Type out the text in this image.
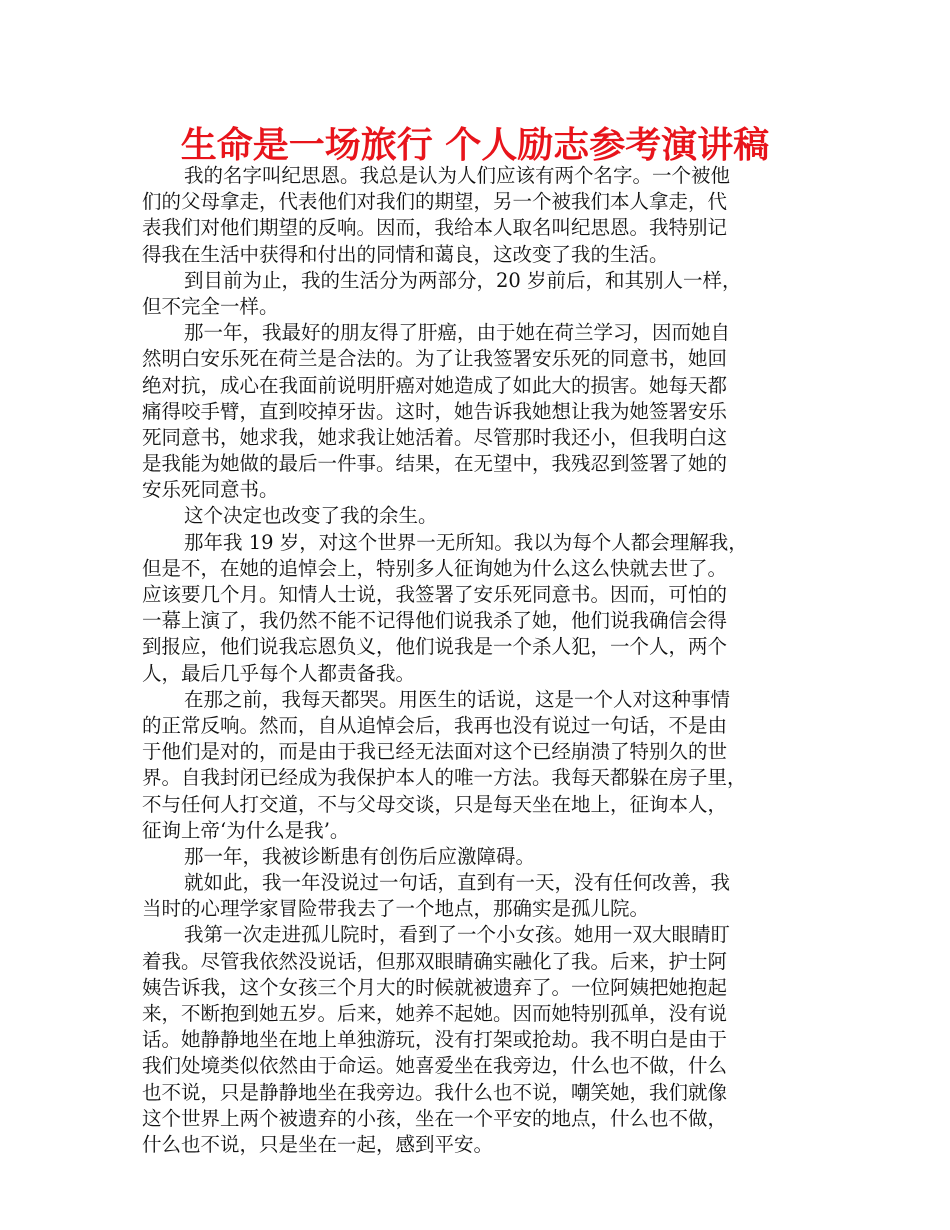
生命是一场旅行 个人励志参考演讲稿
我的名字叫纪思恩。我总是认为人们应该有两个名字。一个被他
们的父母拿走，代表他们对我们的期望，另一个被我们本人拿走，代
表我们对他们期望的反响。因而，我给本人取名叫纪思恩。我特别记
得我在生活中获得和付出的同情和蔼良，这改变了我的生活。
到目前为止，我的生活分为两部分，20 岁前后，和其别人一样，
但不完全一样。
那一年，我最好的朋友得了肝癌，由于她在荷兰学习，因而她自
然明白安乐死在荷兰是合法的。为了让我签署安乐死的同意书，她回
绝对抗，成心在我面前说明肝癌对她造成了如此大的损害。她每天都
痛得咬手臂，直到咬掉牙齿。这时，她告诉我她想让我为她签署安乐
死同意书，她求我，她求我让她活着。尽管那时我还小，但我明白这
是我能为她做的最后一件事。结果，在无望中，我残忍到签署了她的
安乐死同意书。
这个决定也改变了我的余生。
那年我 19 岁，对这个世界一无所知。我以为每个人都会理解我，
但是不，在她的追悼会上，特别多人征询她为什么这么快就去世了。
应该要几个月。知情人士说，我签署了安乐死同意书。因而，可怕的
一幕上演了，我仍然不能不记得他们说我杀了她，他们说我确信会得
到报应，他们说我忘恩负义，他们说我是一个杀人犯，一个人，两个
人，最后几乎每个人都责备我。
在那之前，我每天都哭。用医生的话说，这是一个人对这种事情
的正常反响。然而，自从追悼会后，我再也没有说过一句话，不是由
于他们是对的，而是由于我已经无法面对这个已经崩溃了特别久的世
界。自我封闭已经成为我保护本人的唯一方法。我每天都躲在房子里，
不与任何人打交道，不与父母交谈，只是每天坐在地上，征询本人，
征询上帝‘为什么是我’。
那一年，我被诊断患有创伤后应激障碍。
就如此，我一年没说过一句话，直到有一天，没有任何改善，我
当时的心理学家冒险带我去了一个地点，那确实是孤儿院。
我第一次走进孤儿院时，看到了一个小女孩。她用一双大眼睛盯
着我。尽管我依然没说话，但那双眼睛确实融化了我。后来，护士阿
姨告诉我，这个女孩三个月大的时候就被遗弃了。一位阿姨把她抱起
来，不断抱到她五岁。后来，她养不起她。因而她特别孤单，没有说
话。她静静地坐在地上单独游玩，没有打架或抢劫。我不明白是由于
我们处境类似依然由于命运。她喜爱坐在我旁边，什么也不做，什么
也不说，只是静静地坐在我旁边。我什么也不说，嘲笑她，我们就像
这个世界上两个被遗弃的小孩，坐在一个平安的地点，什么也不做，
什么也不说，只是坐在一起，感到平安。
